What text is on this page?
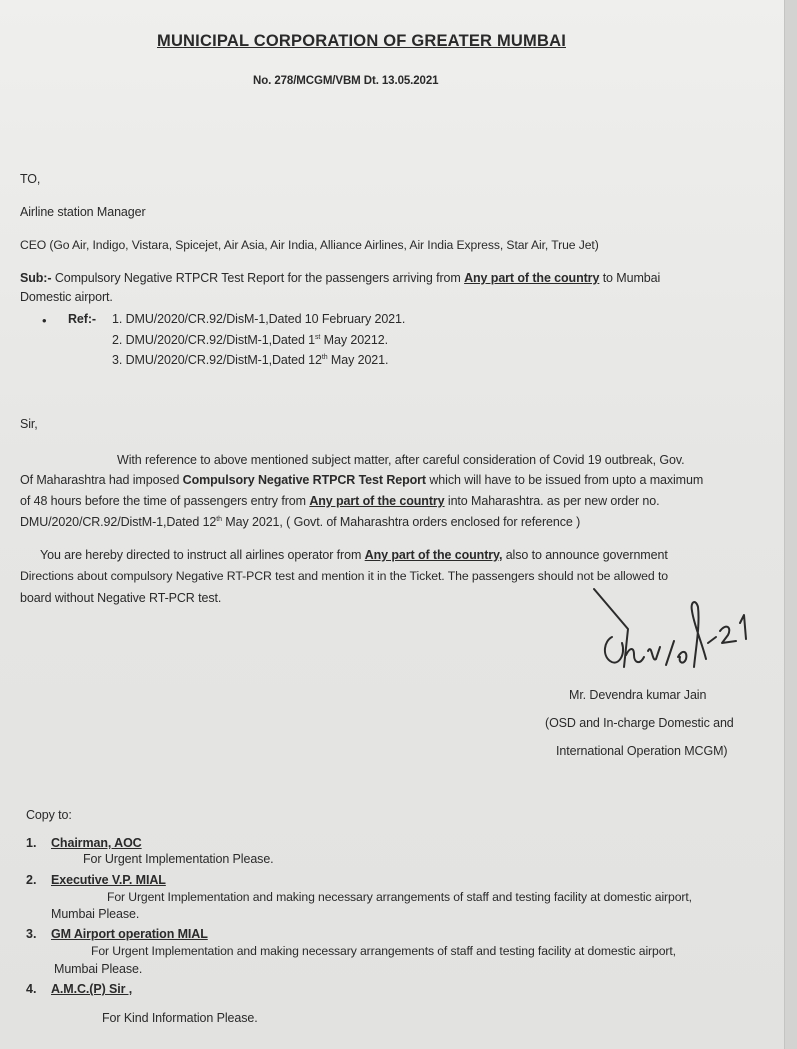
MUNICIPAL CORPORATION OF GREATER MUMBAI
No. 278/MCGM/VBM Dt. 13.05.2021
TO,
Airline station Manager
CEO (Go Air, Indigo, Vistara, Spicejet, Air Asia, Air India, Alliance Airlines, Air India Express, Star Air, True Jet)
Sub:- Compulsory Negative RTPCR Test Report for the passengers arriving from Any part of the country to Mumbai
Domestic airport.
• Ref:- 1. DMU/2020/CR.92/DisM-1,Dated 10 February 2021.
2. DMU/2020/CR.92/DistM-1,Dated 1st May 20212.
3. DMU/2020/CR.92/DistM-1,Dated 12th May 2021.
Sir,
With reference to above mentioned subject matter, after careful consideration of Covid 19 outbreak, Gov.
Of Maharashtra had imposed Compulsory Negative RTPCR Test Report which will have to be issued from upto a maximum
of 48 hours before the time of passengers entry from Any part of the country into Maharashtra. as per new order no.
DMU/2020/CR.92/DistM-1,Dated 12th May 2021, ( Govt. of Maharashtra orders enclosed for reference )
You are hereby directed to instruct all airlines operator from Any part of the country, also to announce government
Directions about compulsory Negative RT-PCR test and mention it in the Ticket. The passengers should not be allowed to
board without Negative RT-PCR test.
Mr. Devendra kumar Jain
(OSD and In-charge Domestic and
International Operation MCGM)
Copy to:
1. Chairman, AOC
For Urgent Implementation Please.
2. Executive V.P. MIAL
For Urgent Implementation and making necessary arrangements of staff and testing facility at domestic airport,
Mumbai Please.
3. GM Airport operation MIAL
For Urgent Implementation and making necessary arrangements of staff and testing facility at domestic airport,
Mumbai Please.
4. A.M.C.(P) Sir ,
For Kind Information Please.
